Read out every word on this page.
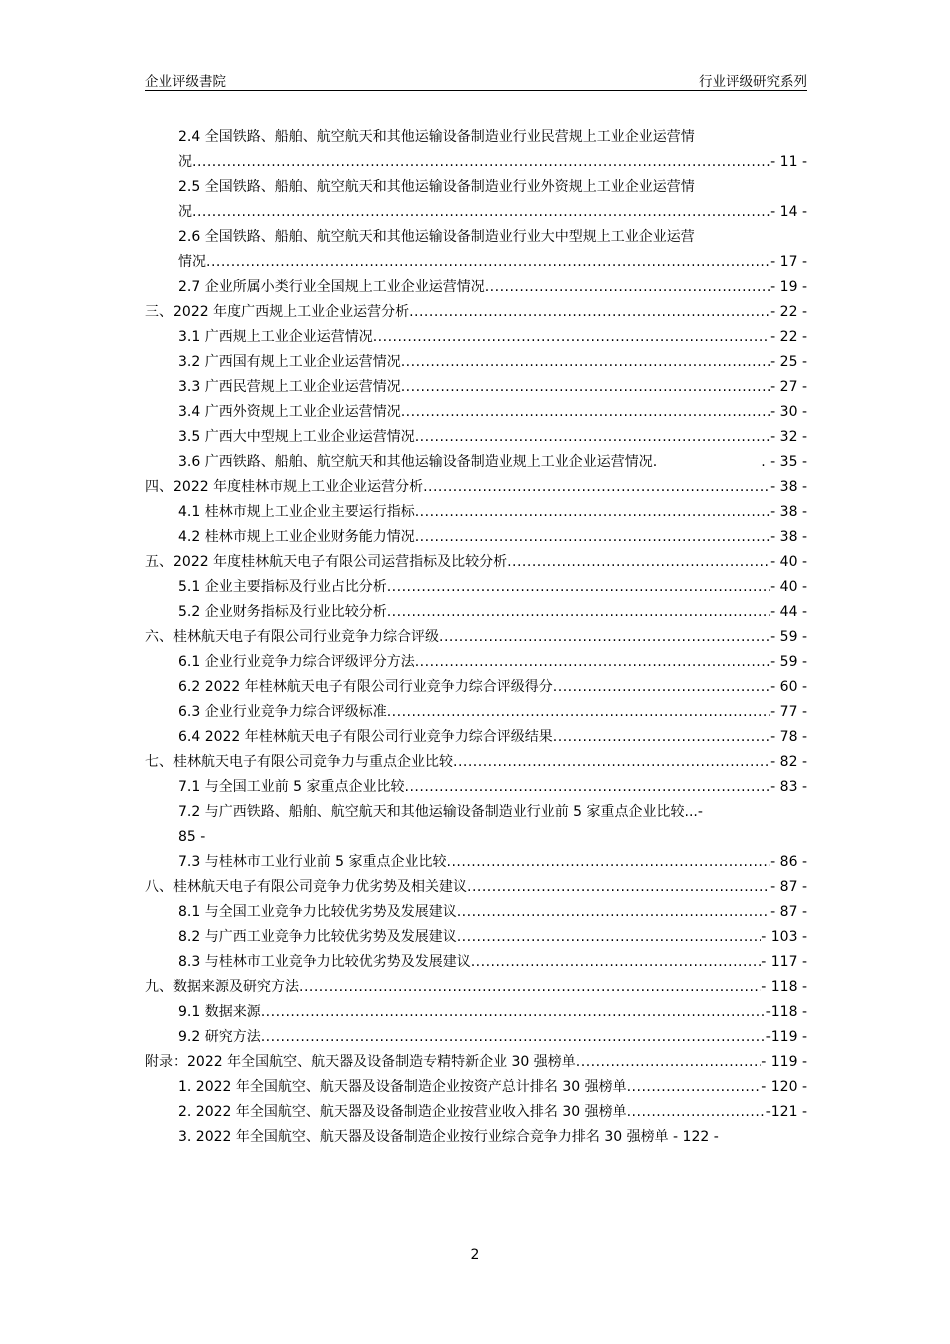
企业评级書院	行业评级研究系列
2.4 全国铁路、船舶、航空航天和其他运输设备制造业行业民营规上工业企业运营情
况 .....	- 11 -
2.5 全国铁路、船舶、航空航天和其他运输设备制造业行业外资规上工业企业运营情
况 .....	- 14 -
2.6 全国铁路、船舶、航空航天和其他运输设备制造业行业大中型规上工业企业运营
情况 .....	- 17 -
2.7 企业所属小类行业全国规上工业企业运营情况 .....	- 19 -
三、2022 年度广西规上工业企业运营分析 .....	- 22 -
3.1 广西规上工业企业运营情况 .....	- 22 -
3.2 广西国有规上工业企业运营情况 .....	- 25 -
3.3 广西民营规上工业企业运营情况 .....	- 27 -
3.4 广西外资规上工业企业运营情况 .....	- 30 -
3.5 广西大中型规上工业企业运营情况 .....	- 32 -
3.6 广西铁路、船舶、航空航天和其他运输设备制造业规上工业企业运营情况.	. - 35 -
四、2022 年度桂林市规上工业企业运营分析 .....	- 38 -
4.1 桂林市规上工业企业主要运行指标 .....	- 38 -
4.2 桂林市规上工业企业财务能力情况 .....	- 38 -
五、2022 年度桂林航天电子有限公司运营指标及比较分析 .....	- 40 -
5.1 企业主要指标及行业占比分析 .....	- 40 -
5.2 企业财务指标及行业比较分析 .....	- 44 -
六、桂林航天电子有限公司行业竞争力综合评级 .....	- 59 -
6.1 企业行业竞争力综合评级评分方法 .....	- 59 -
6.2 2022 年桂林航天电子有限公司行业竞争力综合评级得分 .....	- 60 -
6.3 企业行业竞争力综合评级标准 .....	- 77 -
6.4 2022 年桂林航天电子有限公司行业竞争力综合评级结果 .....	- 78 -
七、桂林航天电子有限公司竞争力与重点企业比较 .....	- 82 -
7.1 与全国工业前 5 家重点企业比较 .....	- 83 -
7.2 与广西铁路、船舶、航空航天和其他运输设备制造业行业前 5 家重点企业比较...-
85 -
7.3 与桂林市工业行业前 5 家重点企业比较 .....	- 86 -
八、桂林航天电子有限公司竞争力优劣势及相关建议 .....	- 87 -
8.1 与全国工业竞争力比较优劣势及发展建议 .....	- 87 -
8.2 与广西工业竞争力比较优劣势及发展建议 .....	- 103 -
8.3 与桂林市工业竞争力比较优劣势及发展建议 .....	- 117 -
九、数据来源及研究方法 .....	- 118 -
9.1 数据来源 .....	-118 -
9.2 研究方法 .....	-119 -
附录：2022 年全国航空、航天器及设备制造专精特新企业 30 强榜单 .....	- 119 -
1. 2022 年全国航空、航天器及设备制造企业按资产总计排名 30 强榜单 .....	- 120 -
2. 2022 年全国航空、航天器及设备制造企业按营业收入排名 30 强榜单 .....	-121 -
3. 2022 年全国航空、航天器及设备制造企业按行业综合竞争力排名 30 强榜单 - 122 -
2
